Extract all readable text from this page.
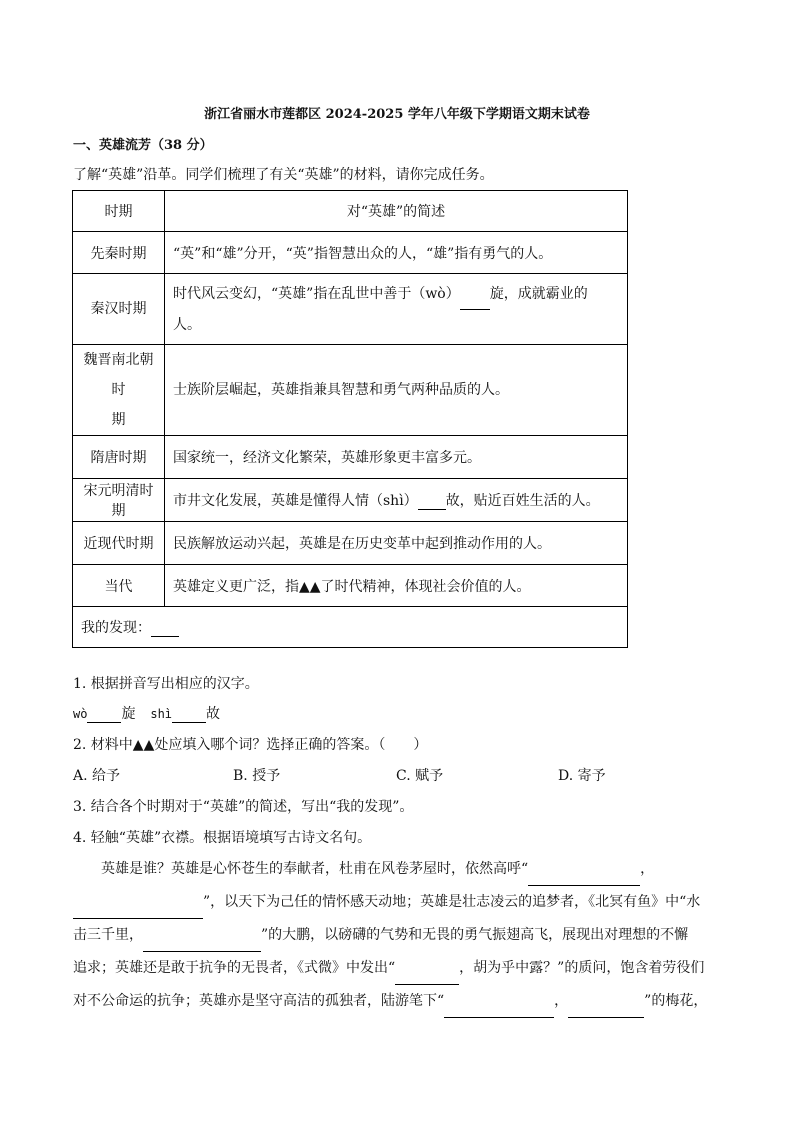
浙江省丽水市莲都区 2024-2025 学年八年级下学期语文期末试卷
一、英雄流芳（38 分）
了解“英雄”沿革。同学们梳理了有关“英雄”的材料，请你完成任务。
时期	对“英雄”的简述
先秦时期	“英”和“雄”分开，“英”指智慧出众的人，“雄”指有勇气的人。
秦汉时期	时代风云变幻，“英雄”指在乱世中善于（wò） 旋，成就霸业的
人。
魏晋南北朝时
期	士族阶层崛起，英雄指兼具智慧和勇气两种品质的人。
隋唐时期	国家统一，经济文化繁荣，英雄形象更丰富多元。
宋元明清时期	市井文化发展，英雄是懂得人情（shì） 故，贴近百姓生活的人。
近现代时期	民族解放运动兴起，英雄是在历史变革中起到推动作用的人。
当代	英雄定义更广泛，指▲▲了时代精神，体现社会价值的人。
我的发现：	
1. 根据拼音写出相应的汉字。
wò 旋 shì 故
2. 材料中▲▲处应填入哪个词？选择正确的答案。（　　）
A. 给予	B. 授予	C. 赋予	D. 寄予
3. 结合各个时期对于“英雄”的简述，写出“我的发现”。
4. 轻触“英雄”衣襟。根据语境填写古诗文名句。

英雄是谁？英雄是心怀苍生的奉献者，杜甫在风卷茅屋时，依然高呼“	，

”，以天下为己任的情怀感天动地；英雄是壮志凌云的追梦者，《北冥有鱼》中“水

击三千里，	”的大鹏，以磅礴的气势和无畏的勇气振翅高飞，展现出对理想的不懈

追求；英雄还是敢于抗争的无畏者，《式微》中发出“	，胡为乎中露？”的质问，饱含着劳役们

对不公命运的抗争；英雄亦是坚守高洁的孤独者，陆游笔下“	，	”的梅花，
